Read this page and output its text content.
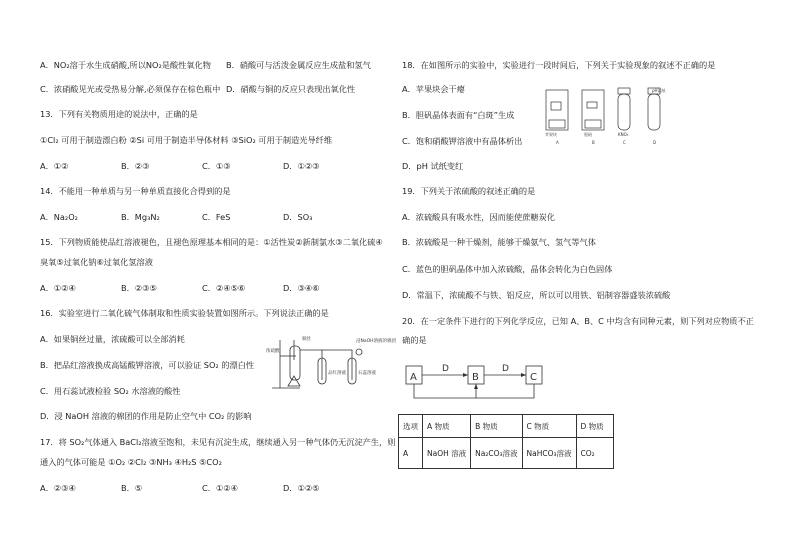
A．NO₂溶于水生成硝酸,所以NO₂是酸性氧化物 B．硝酸可与活泼金属反应生成盐和氢气
C．浓硝酸见光或受热易分解,必须保存在棕色瓶中 D．硝酸与铜的反应只表现出氧化性
13．下列有关物质用途的说法中，正确的是
①Cl₂ 可用于制造漂白粉 ②Si 可用于制造半导体材料 ③SiO₂ 可用于制造光导纤维
A．①②	B．②③	C．①③	D．①②③
14．不能用一种单质与另一种单质直接化合得到的是
A．Na₂O₂	B．Mg₃N₂	C．FeS	D．SO₃
15．下列物质能使品红溶液褪色，且褪色原理基本相同的是：①活性炭②新制氯水③二氧化硫④
臭氧⑤过氧化钠⑥过氧化氢溶液
A．①②④	B．②③⑤	C．②④⑤⑥	D．③④⑥
16．实验室进行二氧化硫气体制取和性质实验装置如图所示。下列说法正确的是
A．如果铜丝过量，浓硫酸可以全部消耗
B．把品红溶液换成高锰酸钾溶液，可以验证 SO₂ 的漂白性
C．用石蕊试液检验 SO₂ 水溶液的酸性
D．浸 NaOH 溶液的棉团的作用是防止空气中 CO₂ 的影响
浓硫酸
铜丝
品红溶液	石蕊溶液
浸NaOH溶液的棉团
17．将 SO₂气体通入 BaCl₂溶液至饱和，未见有沉淀生成，继续通入另一种气体仍无沉淀产生，则
通入的气体可能是 ①O₂ ②Cl₂ ③NH₃ ④H₂S ⑤CO₂
A．②③④	B．⑤	C．①②④	D．①②⑤
18．在如图所示的实验中，实验进行一段时间后，下列关于实验现象的叙述不正确的是
A．苹果块会干瘪
B．胆矾晶体表面有“白斑”生成
C．饱和硝酸钾溶液中有晶体析出
D．pH 试纸变红
苹果块	胆矾	KNO₃
pH试纸
A	B	C	D
19．下列关于浓硫酸的叙述正确的是
A．浓硫酸具有吸水性，因而能使蔗糖炭化
B．浓硫酸是一种干燥剂，能够干燥氨气、氢气等气体
C．蓝色的胆矾晶体中加入浓硫酸，晶体会转化为白色固体
D．常温下，浓硫酸不与铁、铝反应，所以可以用铁、铝制容器盛装浓硫酸
20．在一定条件下进行的下列化学反应，已知 A、B、C 中均含有同种元素，则下列对应物质不正
确的是
A	B	C
D	D
选项	A 物质	B 物质	C 物质	D 物质
A	NaOH 溶液	Na₂CO₃溶液	NaHCO₃溶液	CO₂
